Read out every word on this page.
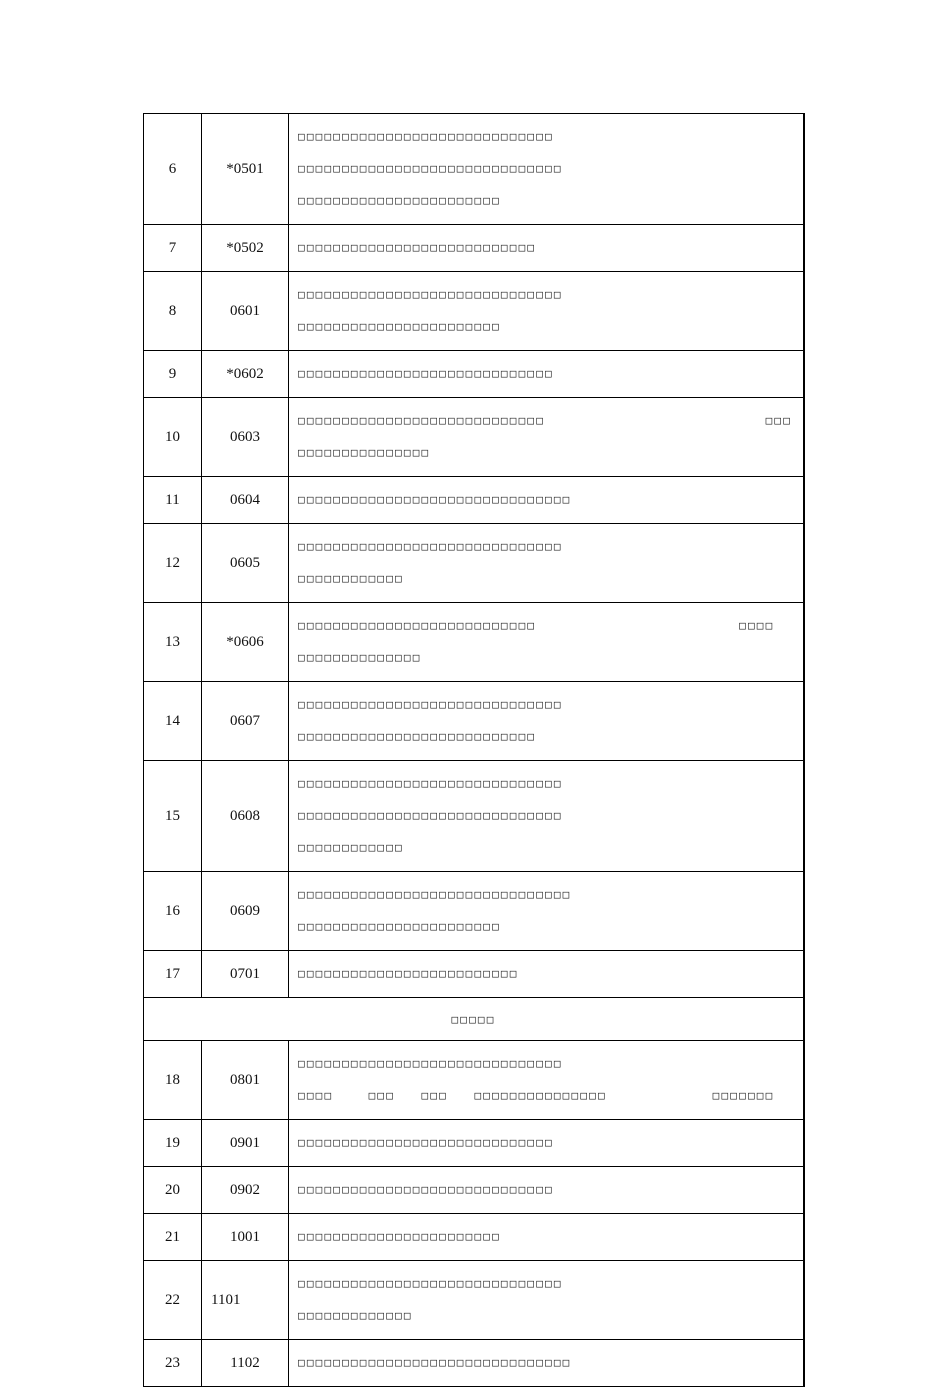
6	*0501	□□□□□□□□□□□□□□□□□□□□□□□□□□□□□
□□□□□□□□□□□□□□□□□□□□□□□□□□□□□□
□□□□□□□□□□□□□□□□□□□□□□□

7	*0502	□□□□□□□□□□□□□□□□□□□□□□□□□□□

8	0601	□□□□□□□□□□□□□□□□□□□□□□□□□□□□□□
□□□□□□□□□□□□□□□□□□□□□□□

9	*0602	□□□□□□□□□□□□□□□□□□□□□□□□□□□□□

10	0603	□□□□□□□□□□□□□□□□□□□□□□□□□□□□                         □□□
□□□□□□□□□□□□□□□

11	0604	□□□□□□□□□□□□□□□□□□□□□□□□□□□□□□□

12	0605	□□□□□□□□□□□□□□□□□□□□□□□□□□□□□□
□□□□□□□□□□□□

13	*0606	□□□□□□□□□□□□□□□□□□□□□□□□□□□                       □□□□
□□□□□□□□□□□□□□

14	0607	□□□□□□□□□□□□□□□□□□□□□□□□□□□□□□
□□□□□□□□□□□□□□□□□□□□□□□□□□□

15	0608	□□□□□□□□□□□□□□□□□□□□□□□□□□□□□□
□□□□□□□□□□□□□□□□□□□□□□□□□□□□□□
□□□□□□□□□□□□

16	0609	□□□□□□□□□□□□□□□□□□□□□□□□□□□□□□□
□□□□□□□□□□□□□□□□□□□□□□□

17	0701	□□□□□□□□□□□□□□□□□□□□□□□□□

□□□□□		
18	0801	□□□□□□□□□□□□□□□□□□□□□□□□□□□□□□
□□□□    □□□   □□□   □□□□□□□□□□□□□□□            □□□□□□□

19	0901	□□□□□□□□□□□□□□□□□□□□□□□□□□□□□

20	0902	□□□□□□□□□□□□□□□□□□□□□□□□□□□□□

21	1001	□□□□□□□□□□□□□□□□□□□□□□□

22	1101	□□□□□□□□□□□□□□□□□□□□□□□□□□□□□□
□□□□□□□□□□□□□

23	1102	□□□□□□□□□□□□□□□□□□□□□□□□□□□□□□□
